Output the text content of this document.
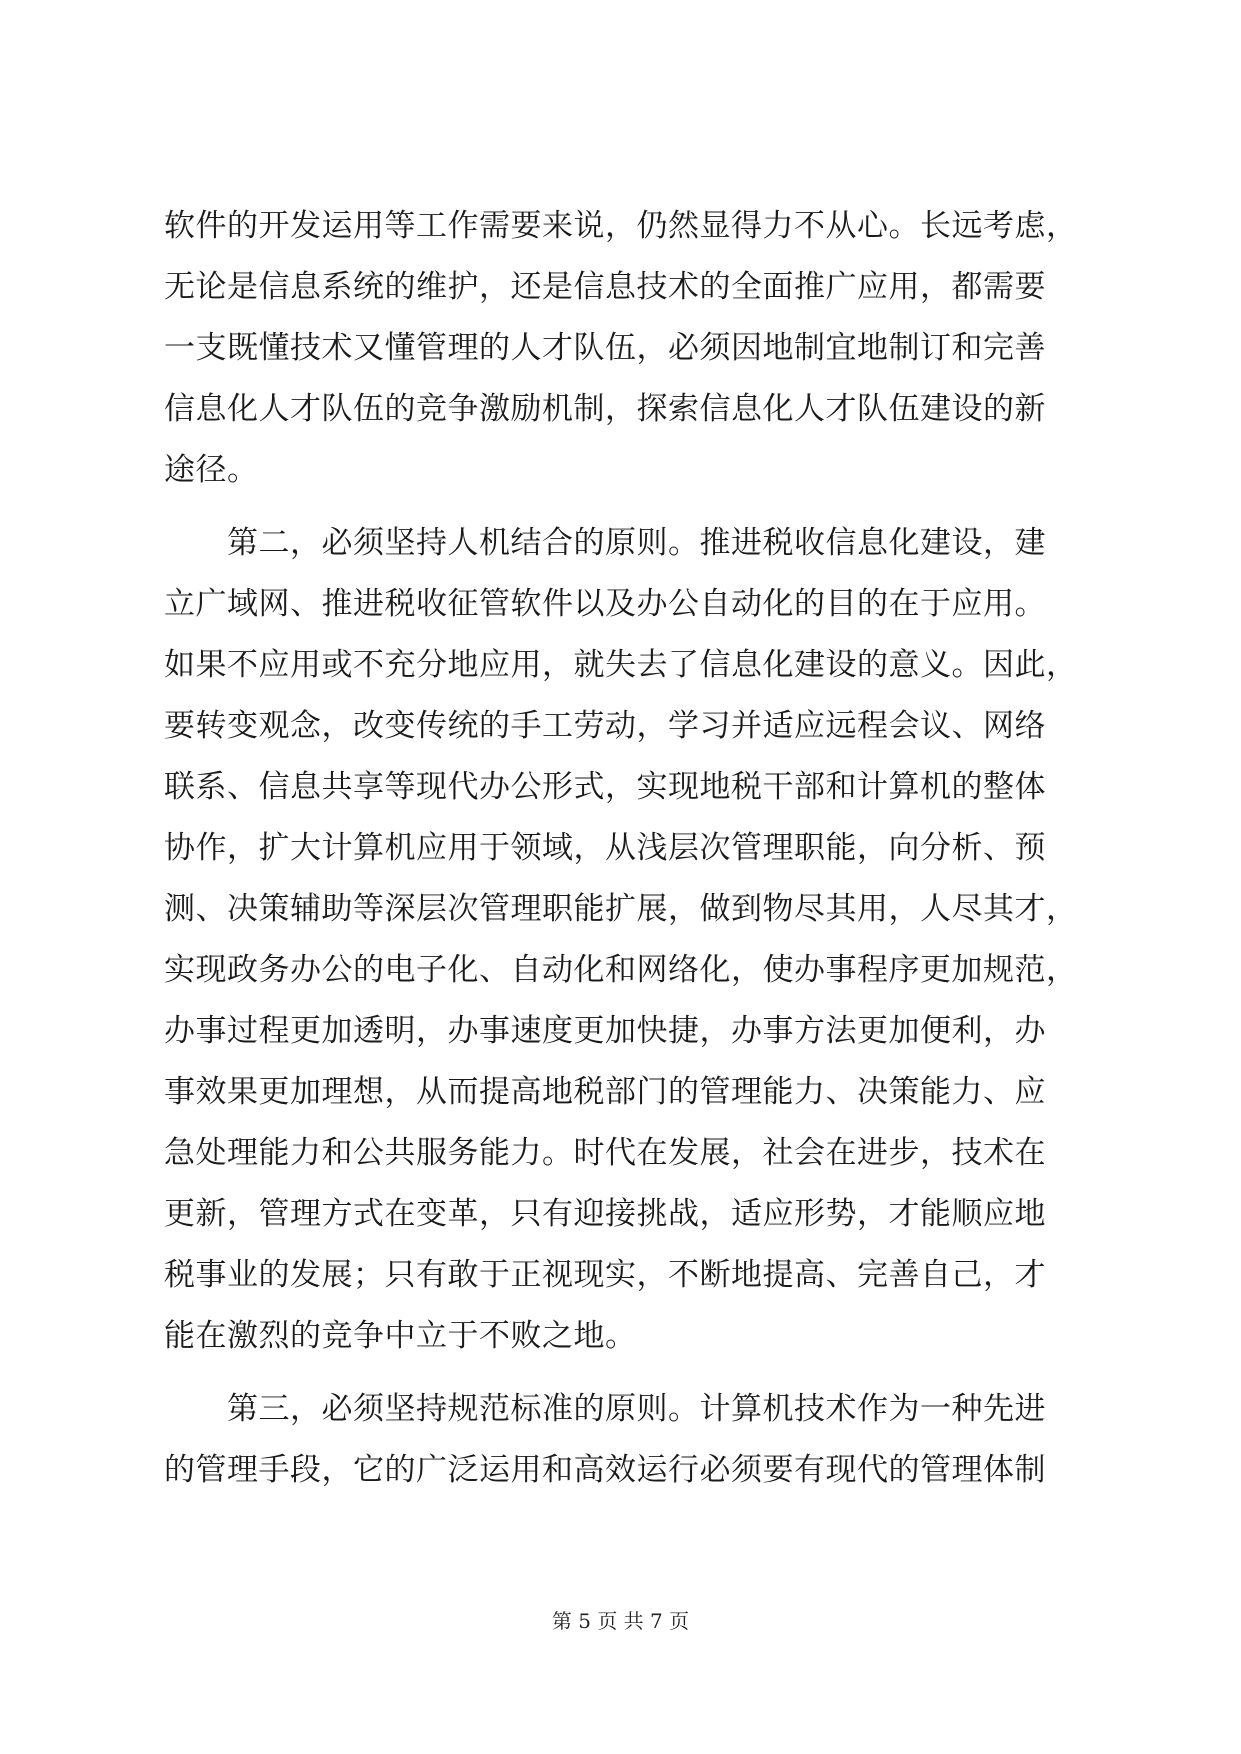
软件的开发运用等工作需要来说，仍然显得力不从心。长远考虑，
无论是信息系统的维护，还是信息技术的全面推广应用，都需要
一支既懂技术又懂管理的人才队伍，必须因地制宜地制订和完善
信息化人才队伍的竞争激励机制，探索信息化人才队伍建设的新
途径。
　　第二，必须坚持人机结合的原则。推进税收信息化建设，建
立广域网、推进税收征管软件以及办公自动化的目的在于应用。
如果不应用或不充分地应用，就失去了信息化建设的意义。因此，
要转变观念，改变传统的手工劳动，学习并适应远程会议、网络
联系、信息共享等现代办公形式，实现地税干部和计算机的整体
协作，扩大计算机应用于领域，从浅层次管理职能，向分析、预
测、决策辅助等深层次管理职能扩展，做到物尽其用，人尽其才，
实现政务办公的电子化、自动化和网络化，使办事程序更加规范，
办事过程更加透明，办事速度更加快捷，办事方法更加便利，办
事效果更加理想，从而提高地税部门的管理能力、决策能力、应
急处理能力和公共服务能力。时代在发展，社会在进步，技术在
更新，管理方式在变革，只有迎接挑战，适应形势，才能顺应地
税事业的发展；只有敢于正视现实，不断地提高、完善自己，才
能在激烈的竞争中立于不败之地。
　　第三，必须坚持规范标准的原则。计算机技术作为一种先进
的管理手段，它的广泛运用和高效运行必须要有现代的管理体制
第 5 页 共 7 页
